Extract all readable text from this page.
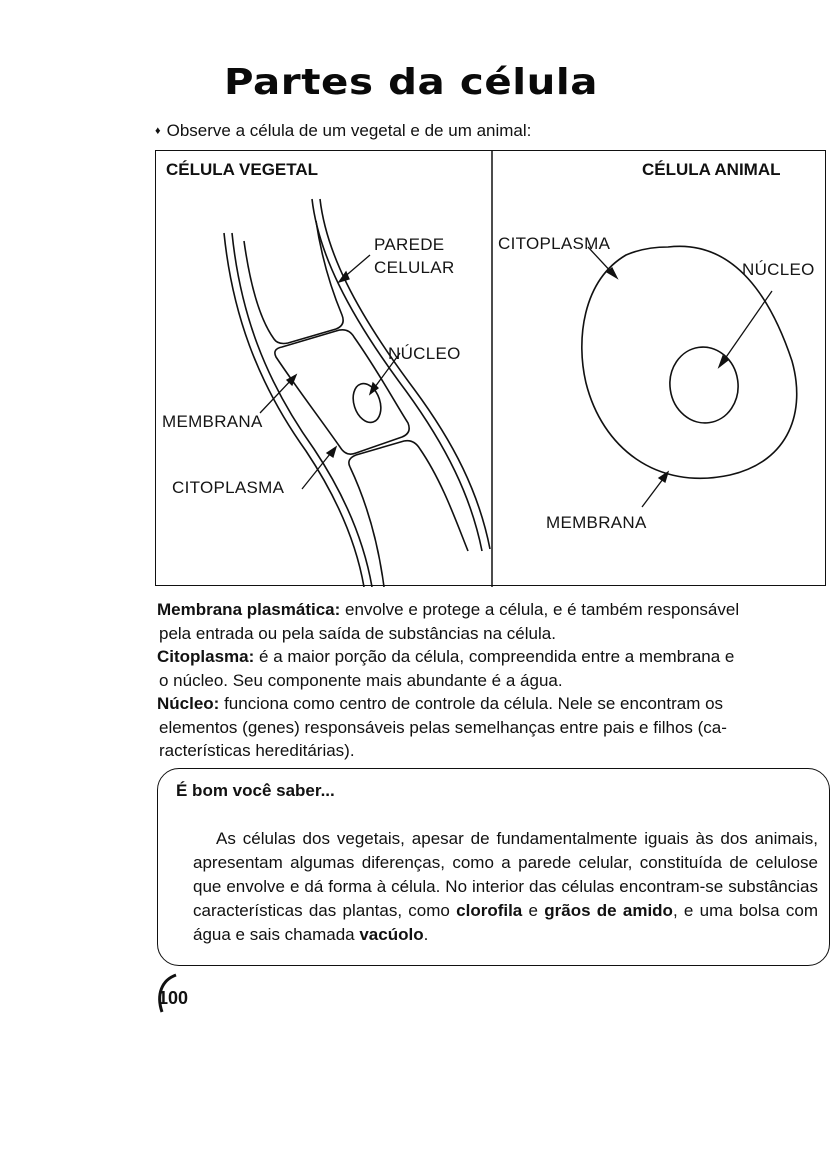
Partes da célula

♦ Observe a célula de um vegetal e de um animal:

PAREDE
CELULAR
NÚCLEO
MEMBRANA
CITOPLASMA
CITOPLASMA
NÚCLEO
MEMBRANA
CÉLULA VEGETAL	CÉLULA ANIMAL

Membrana plasmática: envolve e protege a célula, e é também responsável
pela entrada ou pela saída de substâncias na célula.

Citoplasma: é a maior porção da célula, compreendida entre a membrana e
o núcleo. Seu componente mais abundante é a água.

Núcleo: funciona como centro de controle da célula. Nele se encontram os
elementos (genes) responsáveis pelas semelhanças entre pais e filhos (ca-
racterísticas hereditárias).

É bom você saber...

As células dos vegetais, apesar de fundamentalmente iguais às dos animais, apresentam algumas diferenças, como a parede celular, constituída de celulose que envolve e dá forma à célula. No interior das células encontram-se substâncias características das plantas, como clorofila e grãos de amido, e uma bolsa com água e sais chamada vacúolo.

100
